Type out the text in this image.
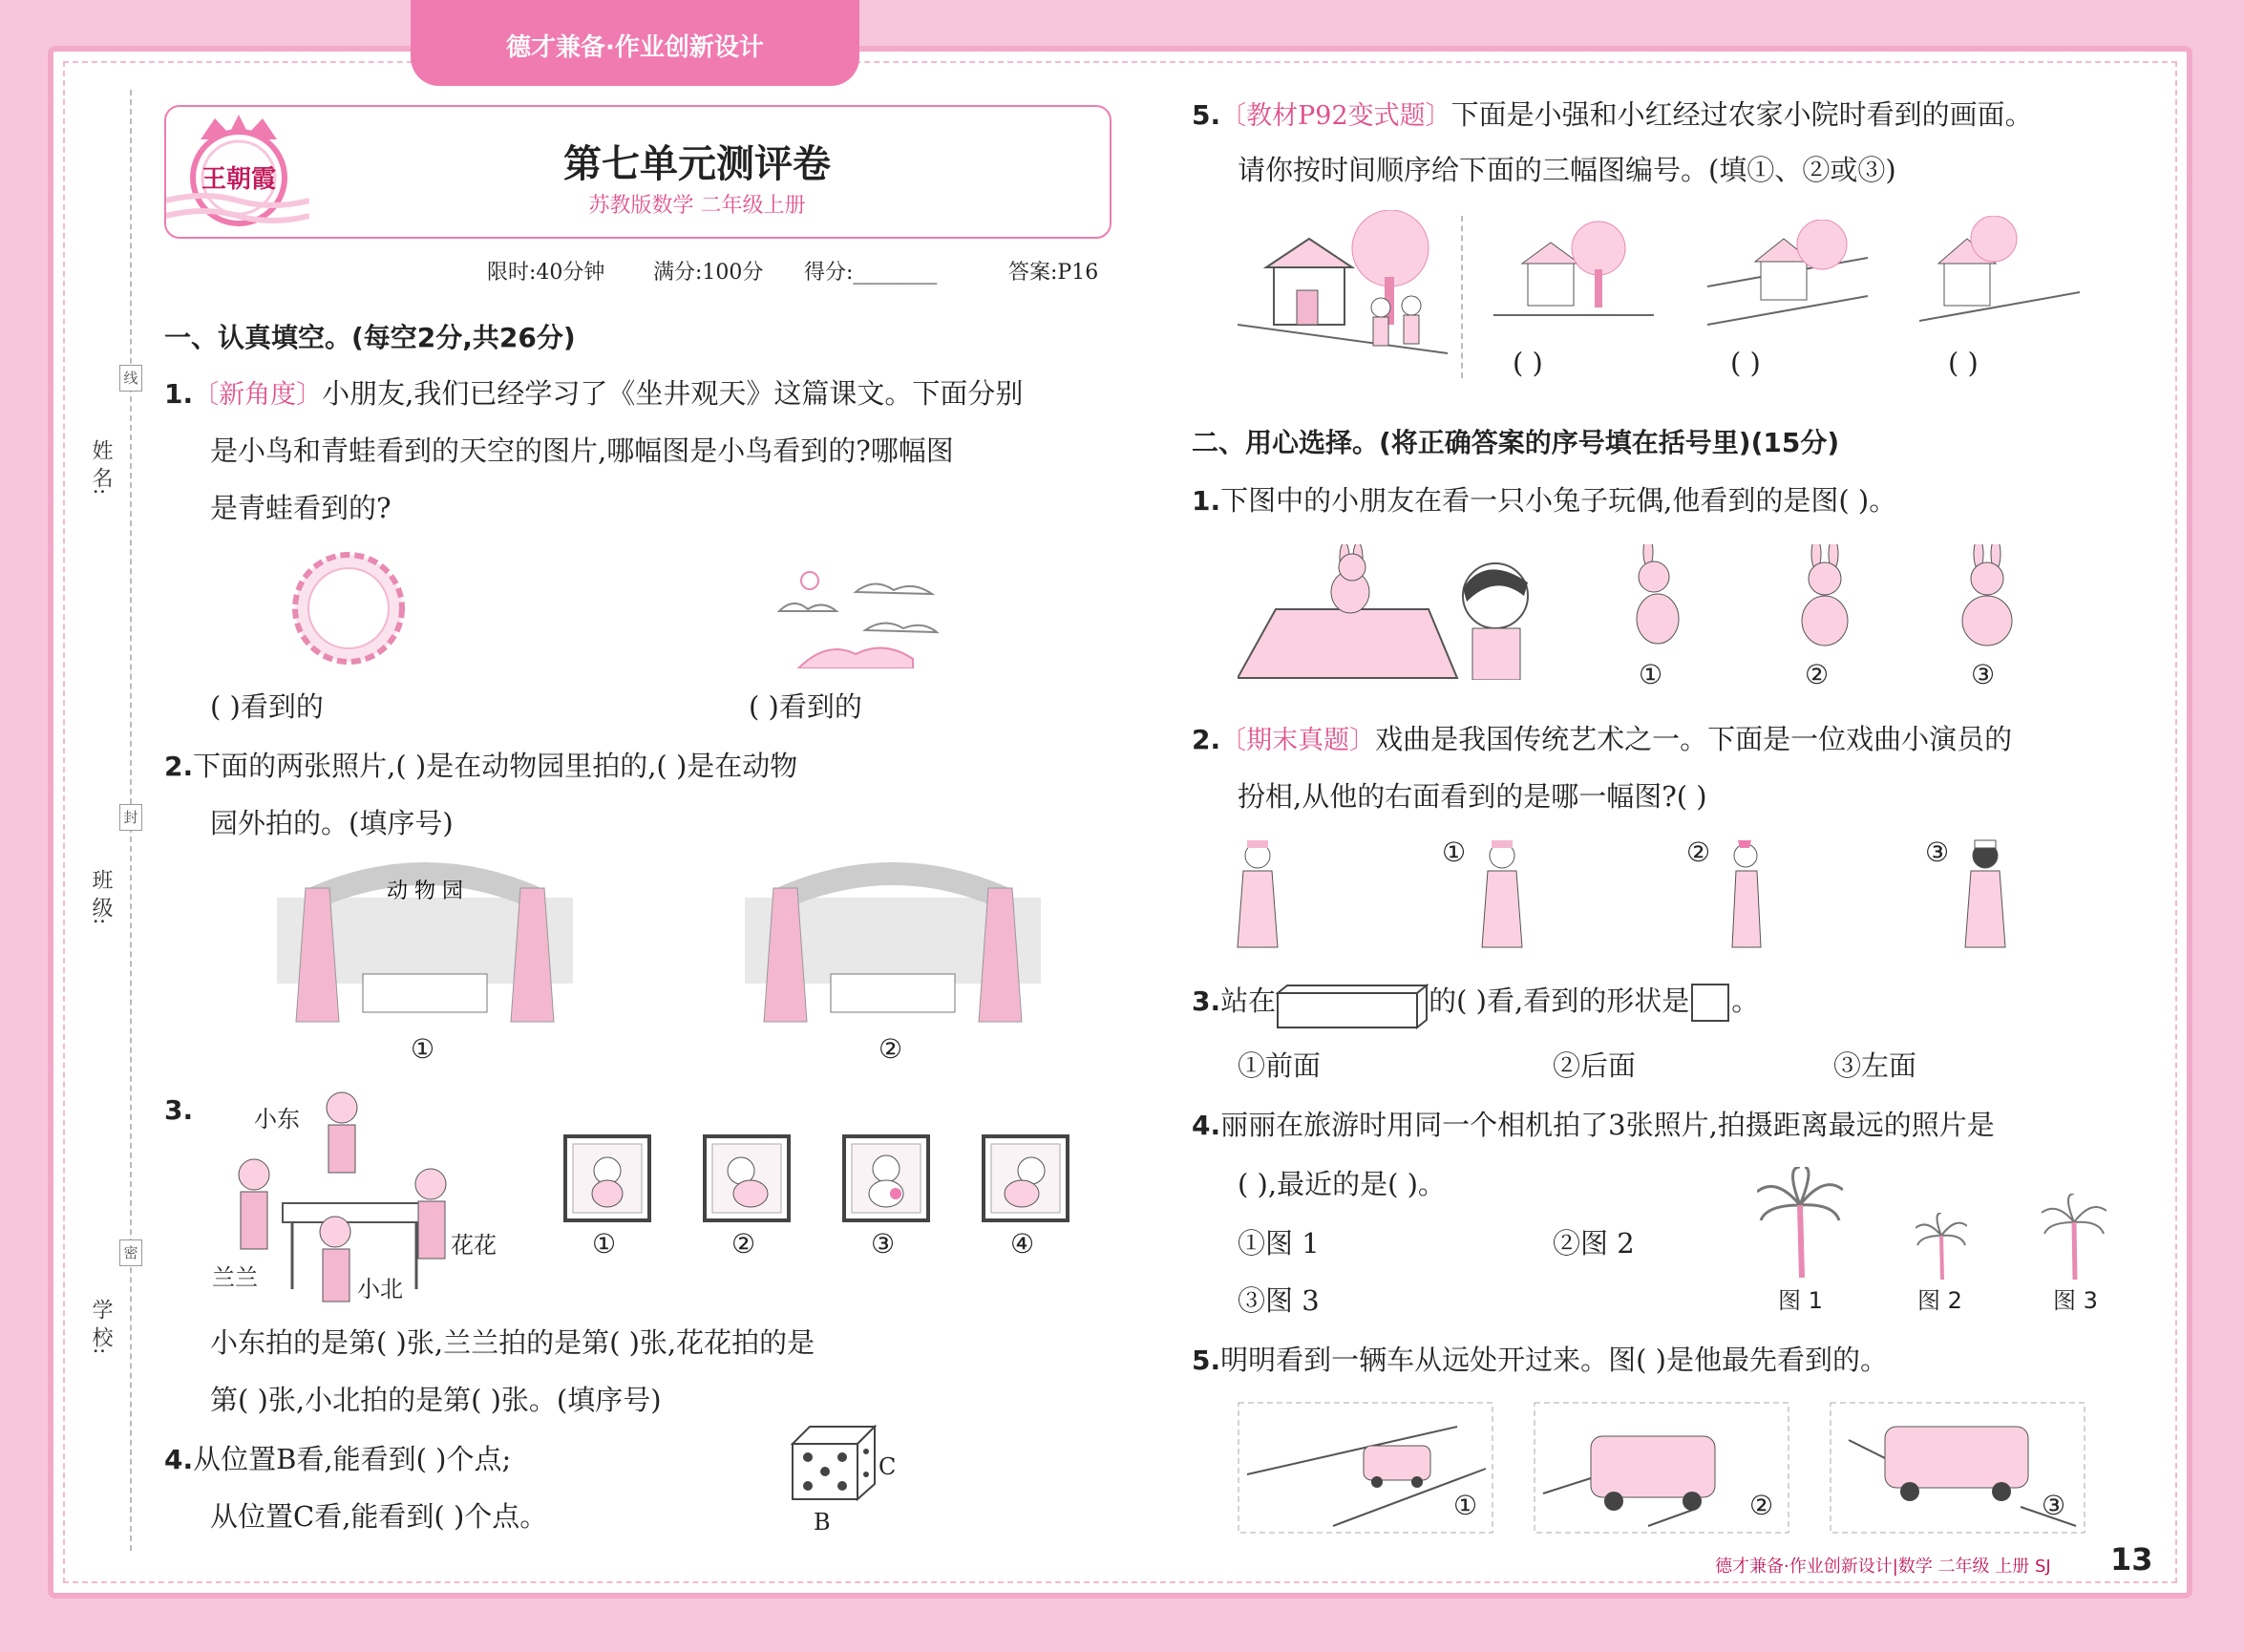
德才兼备·作业创新设计
姓 名:
班 级:
学 校:
线
封
密
王朝霞	第七单元测评卷
苏教版数学 二年级上册
限时:40分钟 满分:100分 得分:________	答案:P16
一、认真填空。(每空2分,共26分)
1.〔新角度〕小朋友,我们已经学习了《坐井观天》这篇课文。下面分别
是小鸟和青蛙看到的天空的图片,哪幅图是小鸟看到的?哪幅图
是青蛙看到的?
( )看到的	( )看到的
2.下面的两张照片,( )是在动物园里拍的,( )是在动物
园外拍的。(填序号)
动 物 园
①	②
3.	小东
兰兰
花花
小北
①	②	③	④
小东拍的是第( )张,兰兰拍的是第( )张,花花拍的是
第( )张,小北拍的是第( )张。(填序号)
4.从位置B看,能看到( )个点;
从位置C看,能看到( )个点。
C
B
5.〔教材P92变式题〕下面是小强和小红经过农家小院时看到的画面。
请你按时间顺序给下面的三幅图编号。(填①、②或③)
( )	( )	( )
二、用心选择。(将正确答案的序号填在括号里)(15分)
1.下图中的小朋友在看一只小兔子玩偶,他看到的是图( )。
①	②	③
2.〔期末真题〕戏曲是我国传统艺术之一。下面是一位戏曲小演员的
扮相,从他的右面看到的是哪一幅图?( )
①	②	③
3.站在	的( )看,看到的形状是 。
①前面	②后面	③左面
4.丽丽在旅游时用同一个相机拍了3张照片,拍摄距离最远的照片是
( ),最近的是( )。
①图 1	②图 2
③图 3	图 1	图 2	图 3
5.明明看到一辆车从远处开过来。图( )是他最先看到的。
①	②	③
德才兼备·作业创新设计|数学 二年级 上册 SJ 13
